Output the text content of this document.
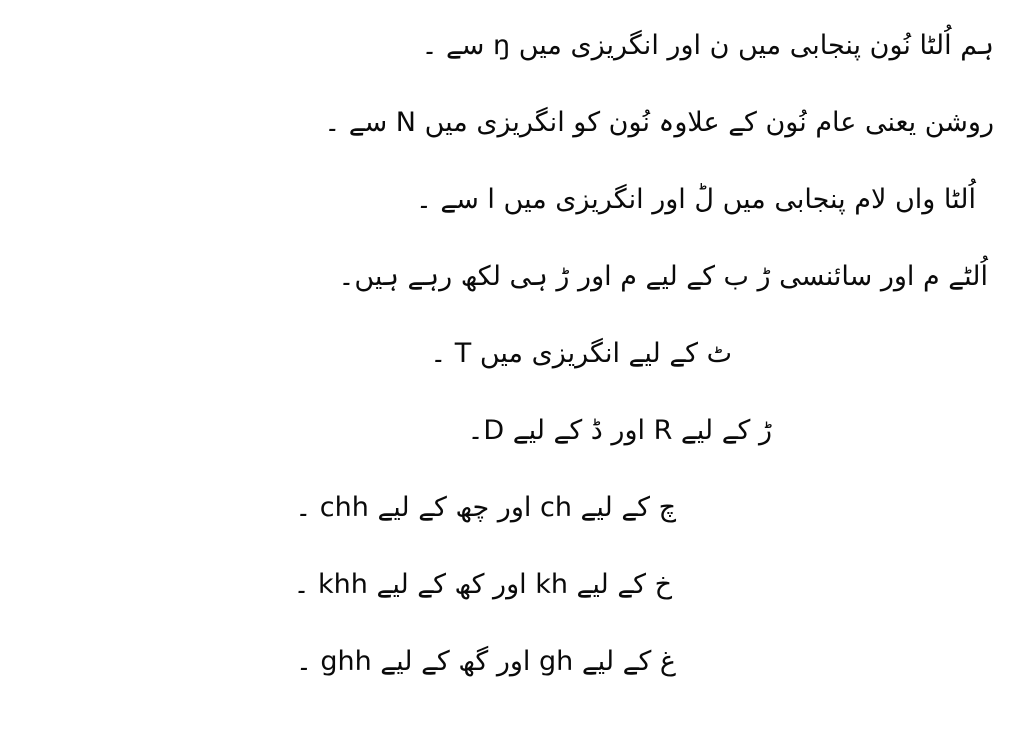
ہم اُلٹا نُون پنجابی میں ن اور انگریزی میں ŋ سے ۔
روشن یعنی عام نُون کے علاوہ نُون کو انگریزی میں N سے ۔
اُلٹا واں لام پنجابی میں لؕ اور انگریزی میں l سے ۔
اُلٹے م اور سائنسی ڑ ب کے لیے م اور ڑ ہی لکھ رہے ہیں۔
ٹ کے لیے انگریزی میں T ۔
ڑ کے لیے R اور ڈ کے لیے D۔
چ کے لیے ch اور چھ کے لیے chh ۔
خ کے لیے kh اور کھ کے لیے khh ۔
غ کے لیے gh اور گھ کے لیے ghh ۔
